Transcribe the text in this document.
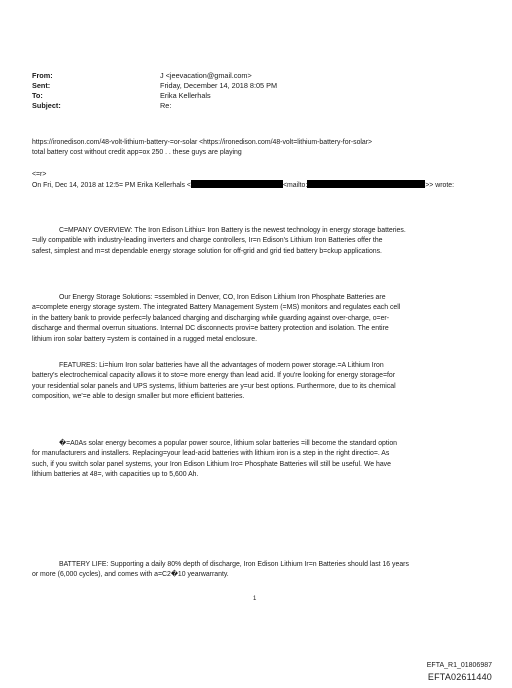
From:	J <jeevacation@gmail.com>
Sent:	Friday, December 14, 2018 8:05 PM
To:	Erika Kellerhals
Subject:	Re:
https://ironedison.com/48-volt-lithium-battery-=or-solar <https://ironedison.com/48-volt=lithium-battery-for-solar>
total battery cost without credit app=ox 250 . . these guys are playing
<=r>
On Fri, Dec 14, 2018 at 12:5= PM Erika Kellerhals <	<mailto:	>> wrote:
C=MPANY OVERVIEW: The Iron Edison Lithiu= Iron Battery is the newest technology in energy storage batteries.
=ully compatible with industry-leading inverters and charge controllers, Ir=n Edison's Lithium Iron Batteries offer the
safest, simplest and m=st dependable energy storage solution for off-grid and grid tied battery b=ckup applications.
Our Energy Storage Solutions: =ssembled in Denver, CO, Iron Edison Lithium Iron Phosphate Batteries are
a=complete energy storage system. The integrated Battery Management System (=MS) monitors and regulates each cell
in the battery bank to provide perfec=ly balanced charging and discharging while guarding against over-charge, o=er-
discharge and thermal overrun situations. Internal DC disconnects provi=e battery protection and isolation. The entire
lithium iron solar battery =ystem is contained in a rugged metal enclosure.
FEATURES: Li=hium Iron solar batteries have all the advantages of modern power storage.=A Lithium Iron
battery's electrochemical capacity allows it to sto=e more energy than lead acid. If you're looking for energy storage=for
your residential solar panels and UPS systems, lithium batteries are y=ur best options. Furthermore, due to its chemical
composition, we'=e able to design smaller but more efficient batteries.
�=A0As solar energy becomes a popular power source, lithium solar batteries =ill become the standard option
for manufacturers and installers. Replacing=your lead-acid batteries with lithium iron is a step in the right directio=. As
such, if you switch solar panel systems, your Iron Edison Lithium Iro= Phosphate Batteries will still be useful. We have
lithium batteries at 48=, with capacities up to 5,600 Ah.
BATTERY LIFE: Supporting a daily 80% depth of discharge, Iron Edison Lithium Ir=n Batteries should last 16 years
or more (6,000 cycles), and comes with a=C2�10 yearwarranty.
1
EFTA_R1_01806987
EFTA02611440
